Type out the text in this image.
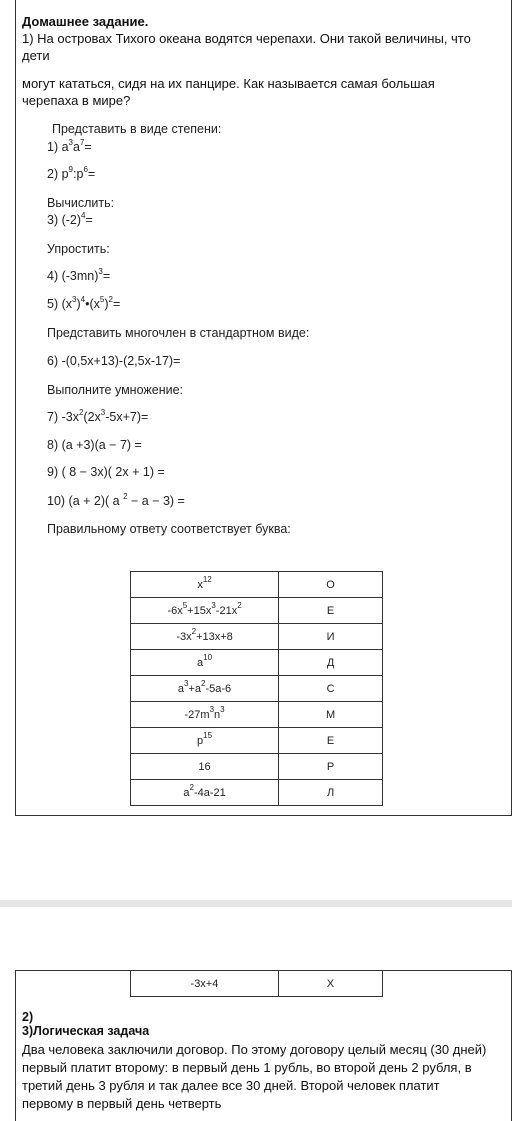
Домашнее задание.
1) На островах Тихого океана водятся черепахи. Они такой величины, что дети
могут кататься, сидя на их панцире. Как называется самая большая черепаха в мире?
Представить в виде степени:
1) $a^3a^7=$
2) $p^9:p^6=$
Вычислить:
3) $(-2)^4=$
Упростить:
4) $(-3mn)^3=$
5) $(x^3)^4•(x^5)^2=$
Представить многочлен в стандартном виде:
6) -(0,5x+13)-(2,5x-17)=
Выполните умножение:
7) $-3x^2(2x^3-5x+7)=$
8) (a +3)(a − 7) =
9) ( 8 − 3x)( 2x + 1) =
10) (a + 2)( a $^2$ − a − 3) =
Правильному ответу соответствует буква:
$x^{12}$	О
$-6x^5+15x^3-21x^2$	Е
$-3x^2+13x+8$	И
$a^{10}$	Д
$a^3+a^2-5a-6$	С
$-27m^3n^3$	М
$p^{15}$	Е
16	Р
$a^2-4a-21$	Л
-3x+4	Х
2)
3)Логическая задача
Два человека заключили договор. По этому договору целый месяц (30 дней) первый платит второму: в первый день 1 рубль, во второй день 2 рубля, в третий день 3 рубля и так далее все 30 дней. Второй человек платит первому в первый день четверть
